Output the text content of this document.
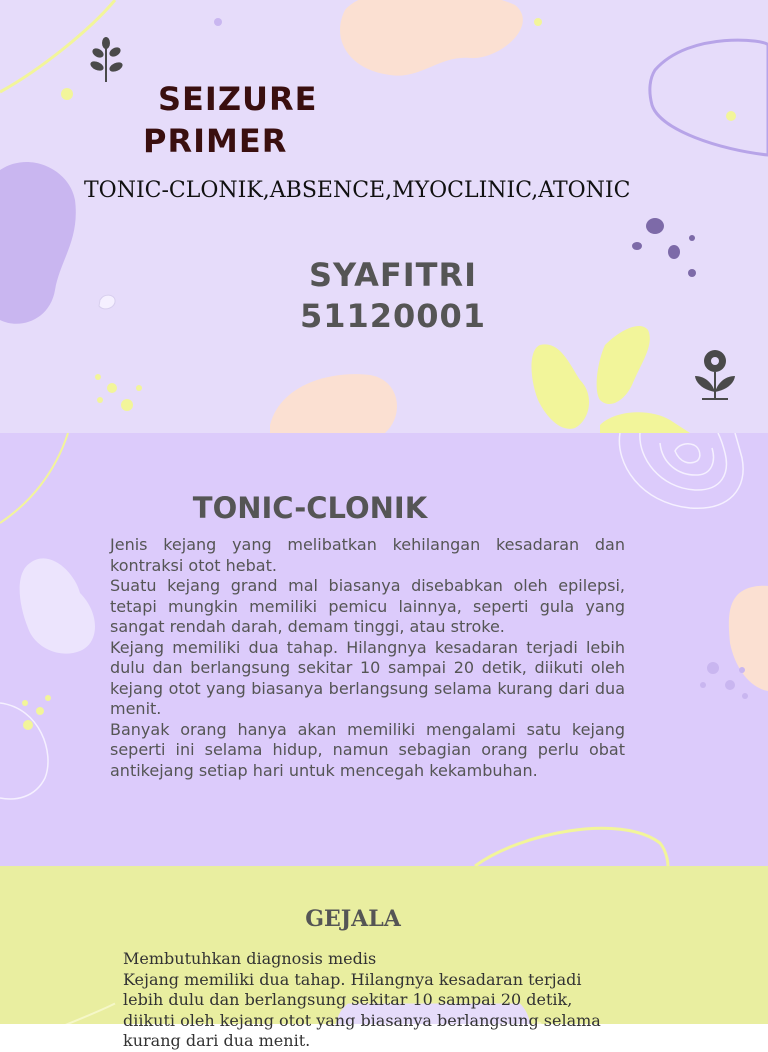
SEIZURE
PRIMER
TONIC-CLONIK,ABSENCE,MYOCLINIC,ATONIC
SYAFITRI
51120001
TONIC-CLONIK

Jenis kejang yang melibatkan kehilangan kesadaran dan kontraksi otot hebat.

Suatu kejang grand mal biasanya disebabkan oleh epilepsi, tetapi mungkin memiliki pemicu lainnya, seperti gula yang sangat rendah darah, demam tinggi, atau stroke.

Kejang memiliki dua tahap. Hilangnya kesadaran terjadi lebih dulu dan berlangsung sekitar 10 sampai 20 detik, diikuti oleh kejang otot yang biasanya berlangsung selama kurang dari dua menit.

Banyak orang hanya akan memiliki mengalami satu kejang seperti ini selama hidup, namun sebagian orang perlu obat antikejang setiap hari untuk mencegah kekambuhan.

GEJALA

Membutuhkan diagnosis medis

Kejang memiliki dua tahap. Hilangnya kesadaran terjadi lebih dulu dan berlangsung sekitar 10 sampai 20 detik, diikuti oleh kejang otot yang biasanya berlangsung selama kurang dari dua menit.
